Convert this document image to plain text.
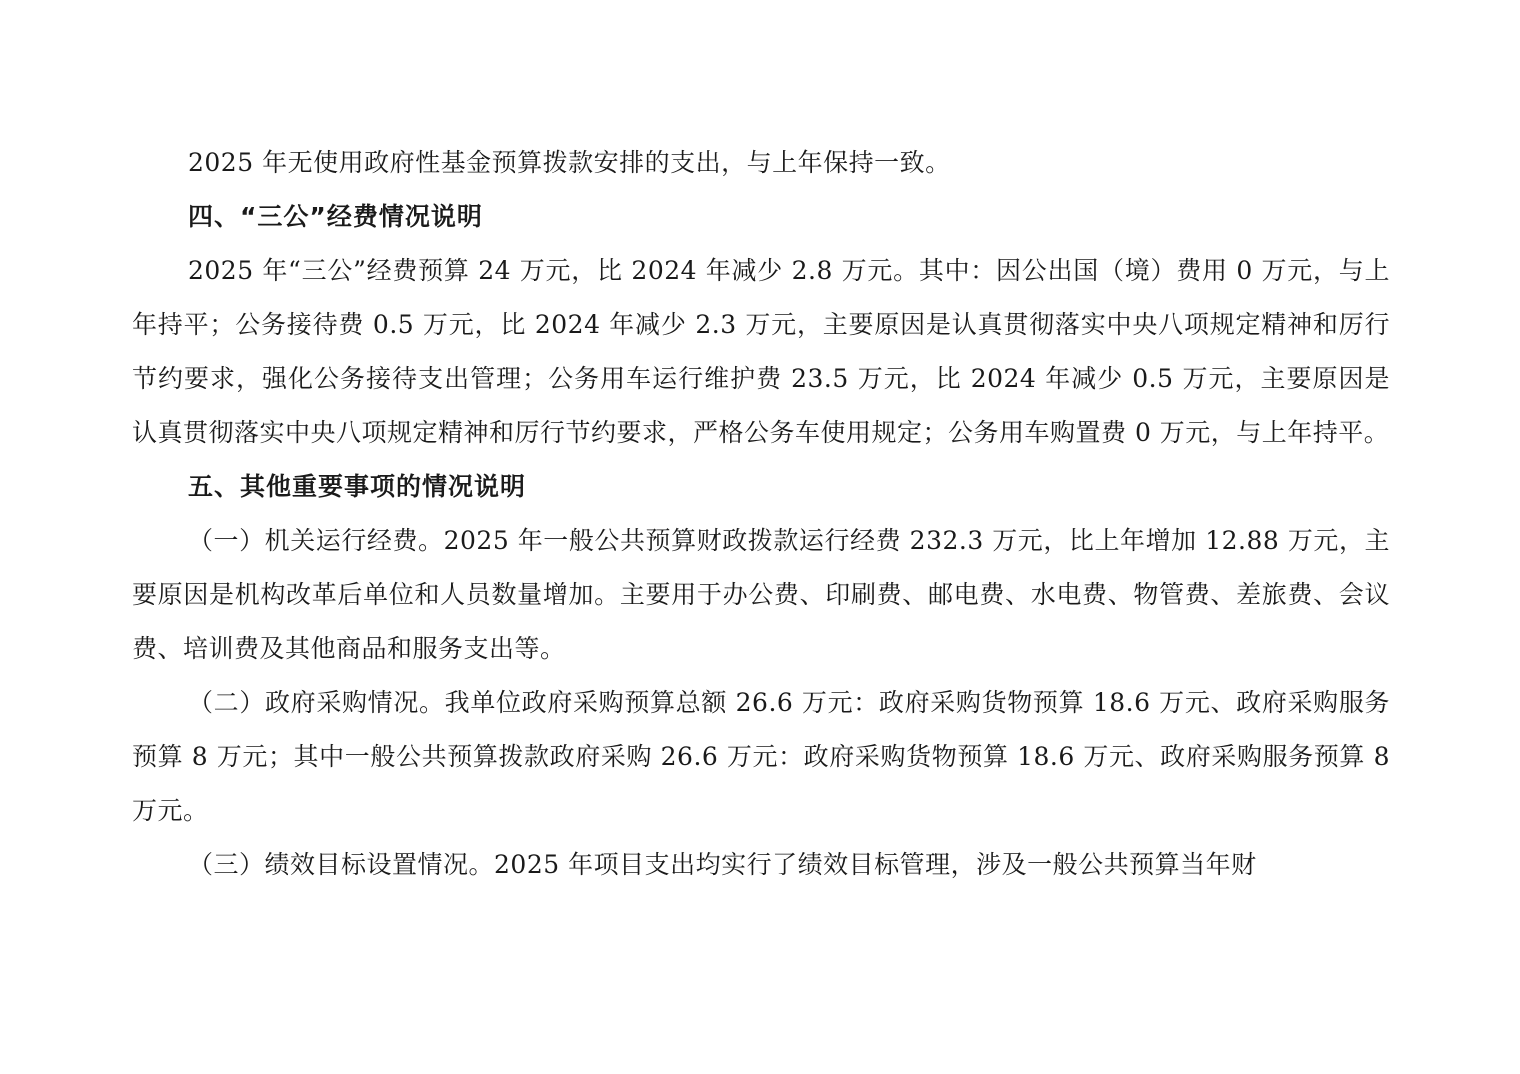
2025 年无使用政府性基金预算拨款安排的支出，与上年保持一致。

四、“三公”经费情况说明

2025 年“三公”经费预算 24 万元，比 2024 年减少 2.8 万元。其中：因公出国（境）费用 0 万元，与上年持平；公务接待费 0.5 万元，比 2024 年减少 2.3 万元，主要原因是认真贯彻落实中央八项规定精神和厉行节约要求，强化公务接待支出管理；公务用车运行维护费 23.5 万元，比 2024 年减少 0.5 万元，主要原因是认真贯彻落实中央八项规定精神和厉行节约要求，严格公务车使用规定；公务用车购置费 0 万元，与上年持平。

五、其他重要事项的情况说明

（一）机关运行经费。2025 年一般公共预算财政拨款运行经费 232.3 万元，比上年增加 12.88 万元，主要原因是机构改革后单位和人员数量增加。主要用于办公费、印刷费、邮电费、水电费、物管费、差旅费、会议费、培训费及其他商品和服务支出等。

（二）政府采购情况。我单位政府采购预算总额 26.6 万元：政府采购货物预算 18.6 万元、政府采购服务预算 8 万元；其中一般公共预算拨款政府采购 26.6 万元：政府采购货物预算 18.6 万元、政府采购服务预算 8 万元。

（三）绩效目标设置情况。2025 年项目支出均实行了绩效目标管理，涉及一般公共预算当年财
